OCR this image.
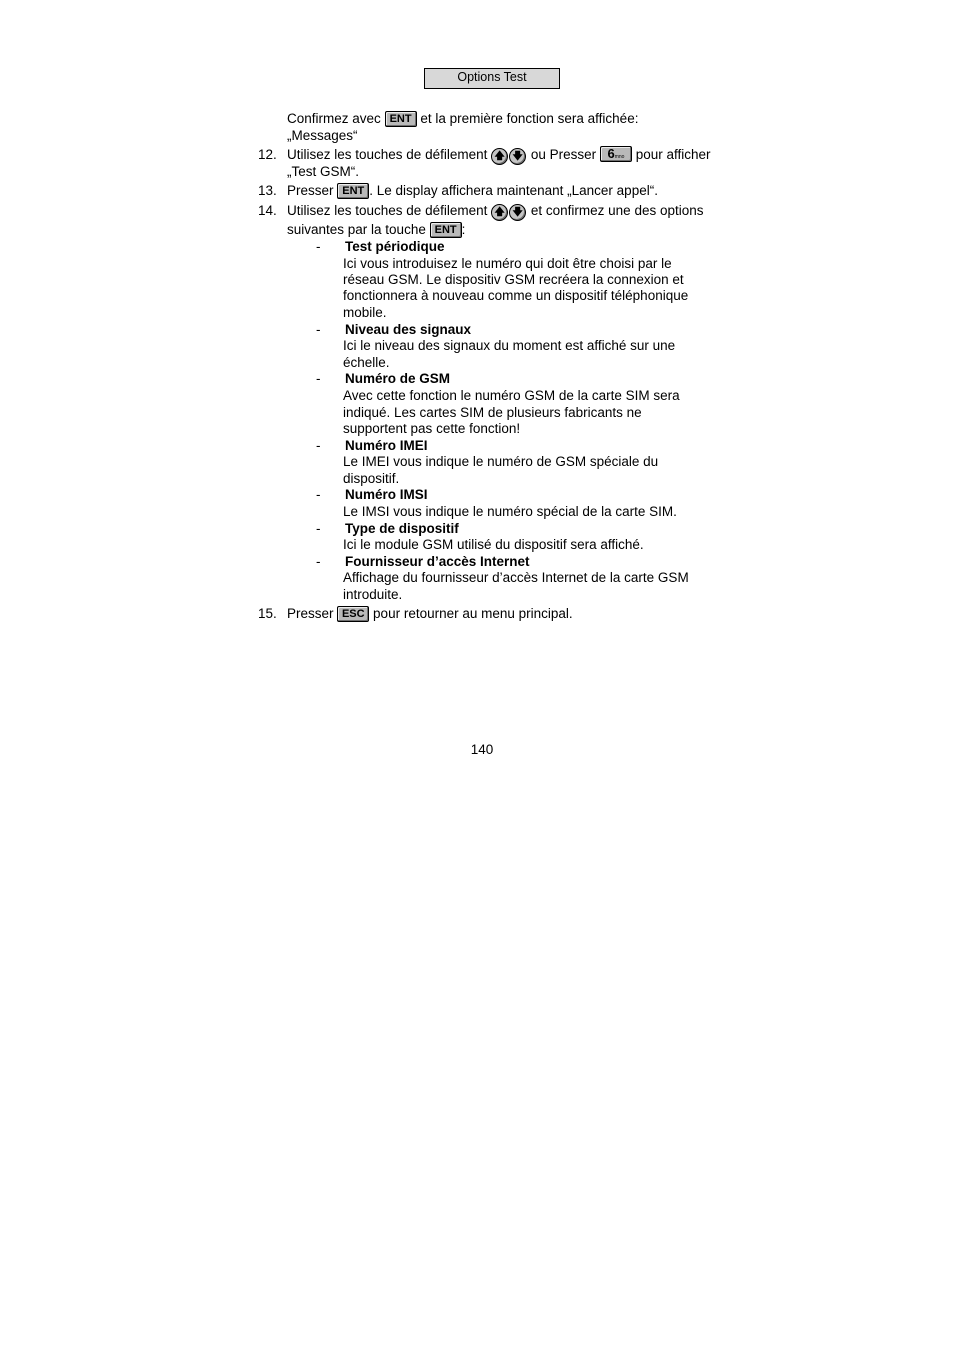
Options Test
Confirmez avec ENT et la première fonction sera affichée:
„Messages“
12. Utilisez les touches de défilement 🡅 🡇 ou Presser 6mno pour afficher
„Test GSM“.
13. Presser ENT . Le display affichera maintenant „Lancer appel“.
14. Utilisez les touches de défilement 🡅 🡇 et confirmez une des options
suivantes par la touche ENT :
- Test périodique
Ici vous introduisez le numéro qui doit être choisi par le
réseau GSM. Le dispositiv GSM recréera la connexion et
fonctionnera à nouveau comme un dispositif téléphonique
mobile.
- Niveau des signaux
Ici le niveau des signaux du moment est affiché sur une
échelle.
- Numéro de GSM
Avec cette fonction le numéro GSM de la carte SIM sera
indiqué. Les cartes SIM de plusieurs fabricants ne
supportent pas cette fonction!
- Numéro IMEI
Le IMEI vous indique le numéro de GSM spéciale du
dispositif.
- Numéro IMSI
Le IMSI vous indique le numéro spécial de la carte SIM.
- Type de dispositif
Ici le module GSM utilisé du dispositif sera affiché.
- Fournisseur d’accès Internet
Affichage du fournisseur d’accès Internet de la carte GSM
introduite.
15. Presser ESC pour retourner au menu principal.
140
